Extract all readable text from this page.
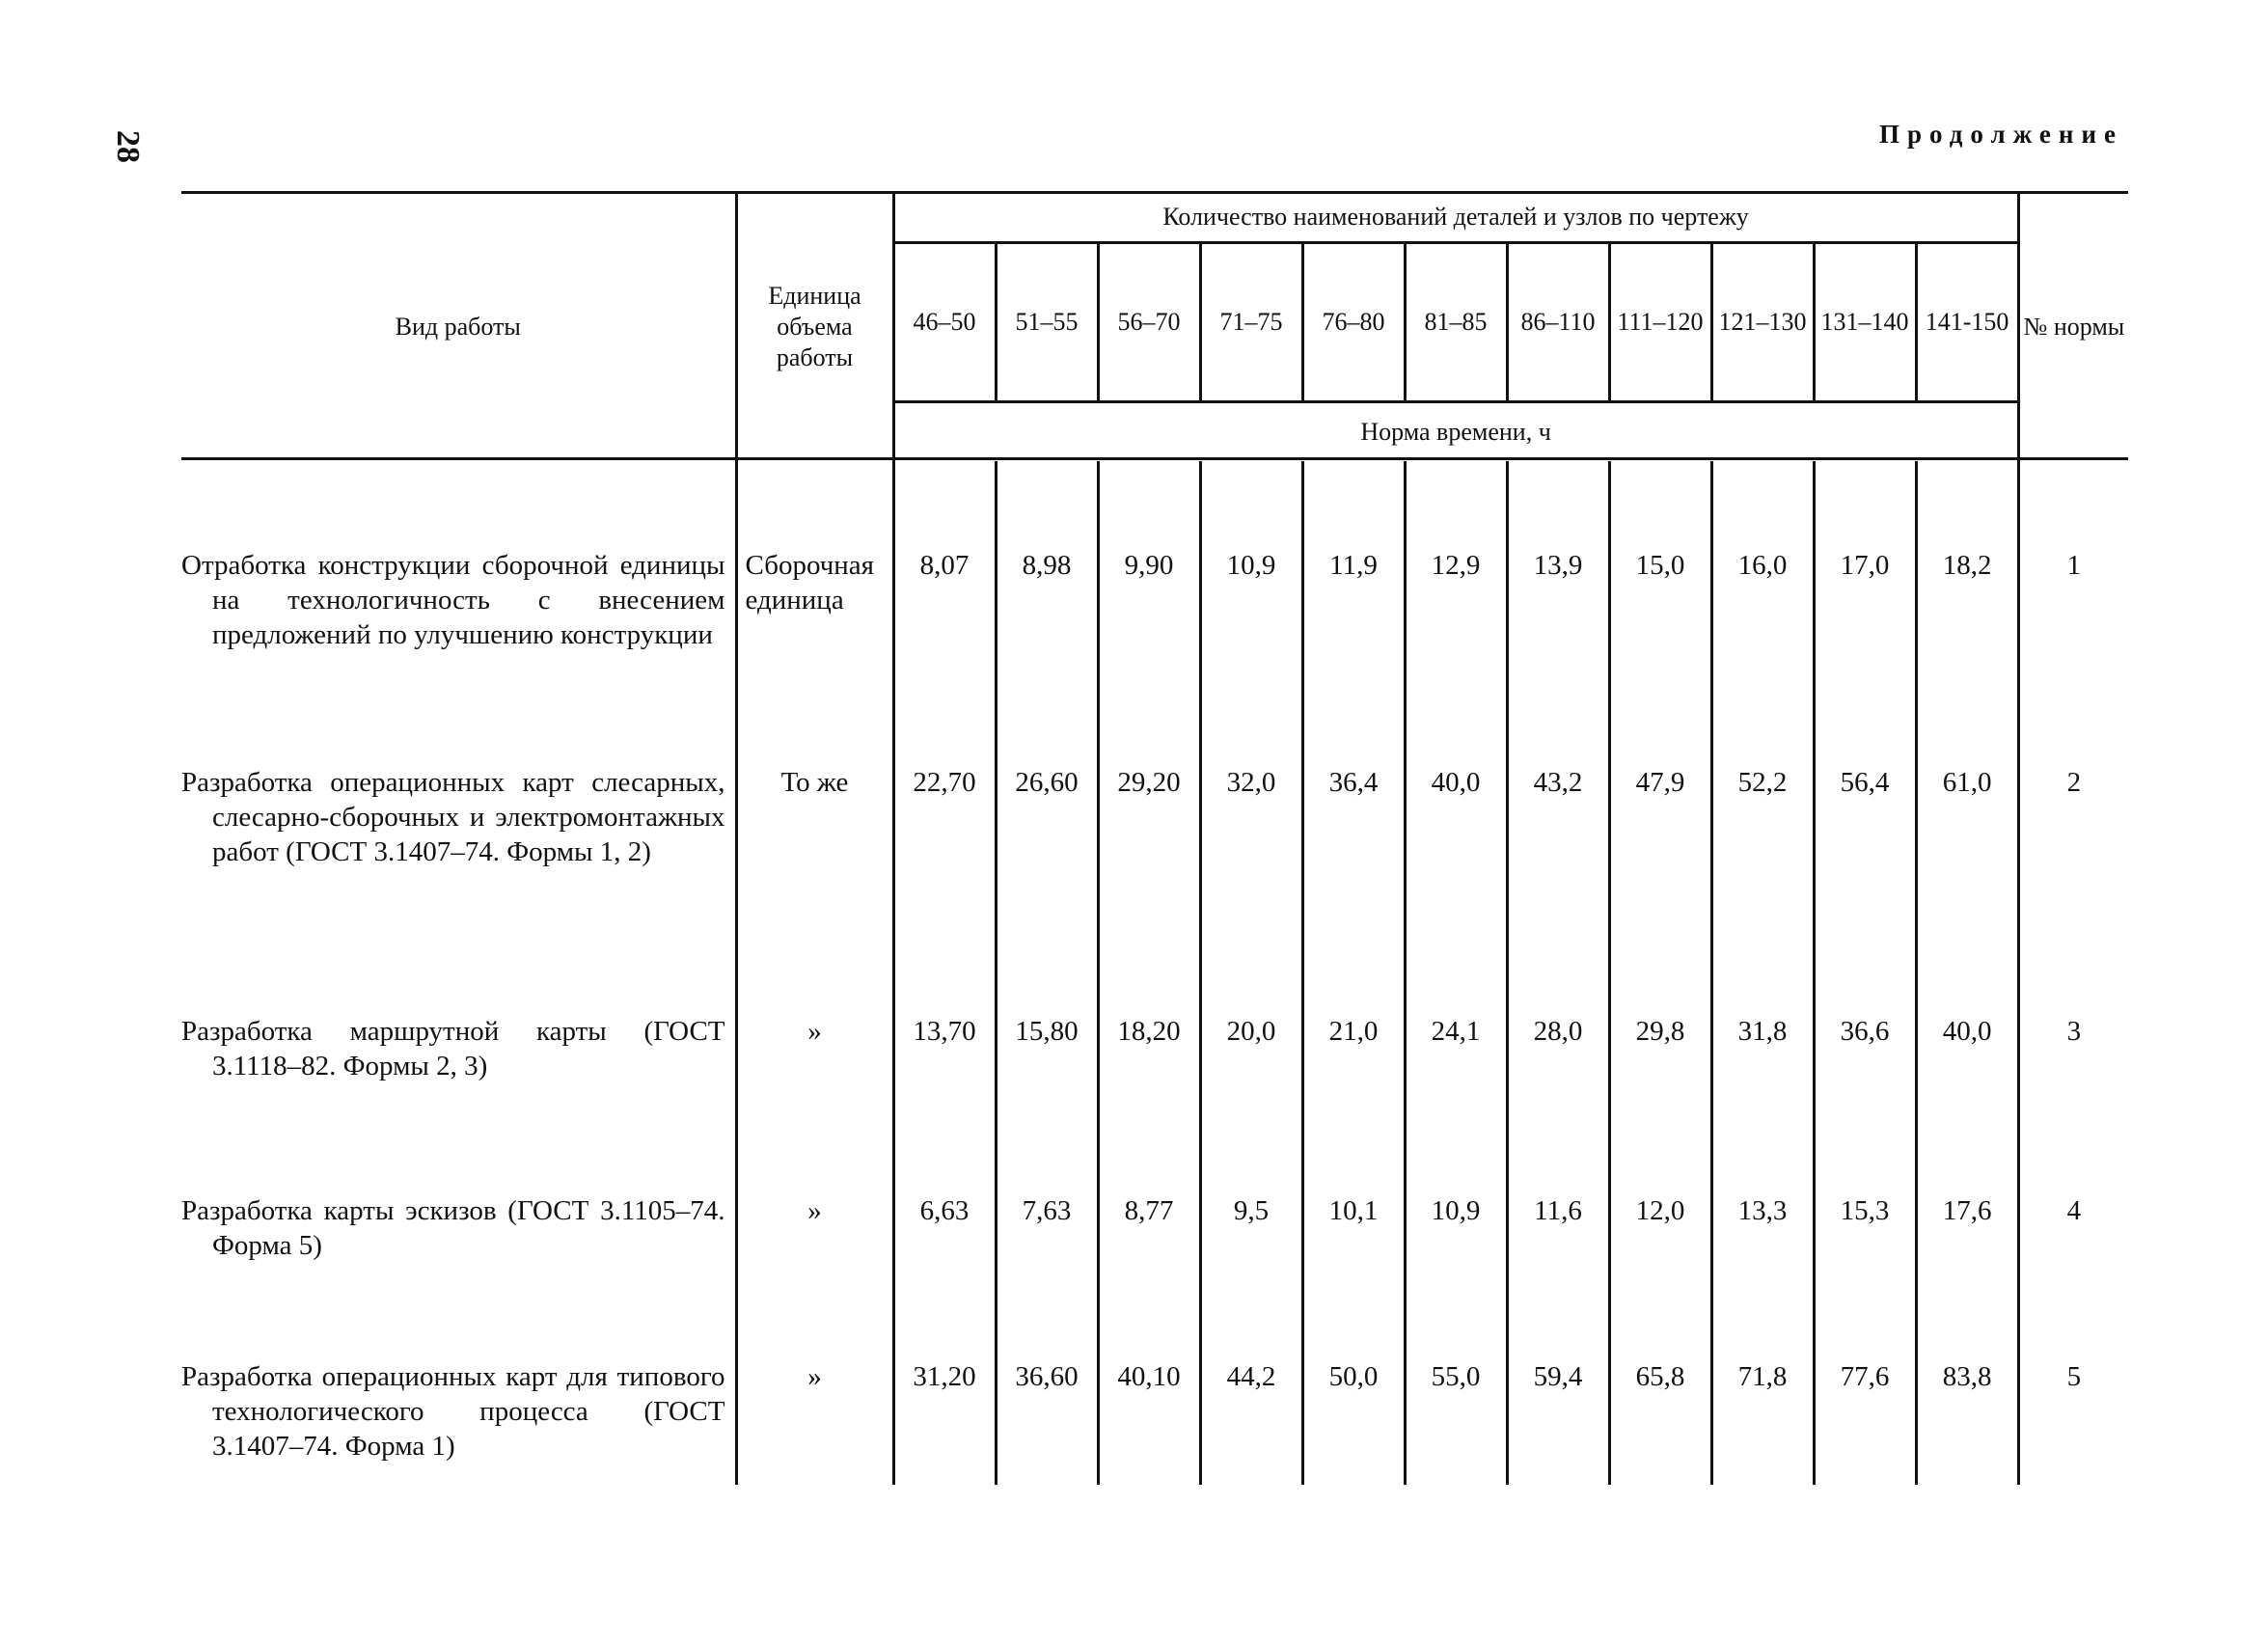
28	Продолжение
Вид работы	Единица объема работы	Количество наименований деталей и узлов по чертежу											№ нормы
		46–50	51–55	56–70	71–75	76–80	81–85	86–110	111–120	121–130	131–140	141-150	
		Норма времени, ч											

Отработка конструкции сборочной единицы на технологичность с внесением предложений по улучшению конструкции	Сборочная единица	8,07	8,98	9,90	10,9	11,9	12,9	13,9	15,0	16,0	17,0	18,2	1

Разработка операционных карт слесарных, слесарно-сборочных и электромонтажных работ (ГОСТ 3.1407–74. Формы 1, 2)	То же	22,70	26,60	29,20	32,0	36,4	40,0	43,2	47,9	52,2	56,4	61,0	2

Разработка маршрутной карты (ГОСТ 3.1118–82. Формы 2, 3)	»	13,70	15,80	18,20	20,0	21,0	24,1	28,0	29,8	31,8	36,6	40,0	3

Разработка карты эскизов (ГОСТ 3.1105–74. Форма 5)	»	6,63	7,63	8,77	9,5	10,1	10,9	11,6	12,0	13,3	15,3	17,6	4

Разработка операционных карт для типового технологического процесса (ГОСТ 3.1407–74. Форма 1)	»	31,20	36,60	40,10	44,2	50,0	55,0	59,4	65,8	71,8	77,6	83,8	5
